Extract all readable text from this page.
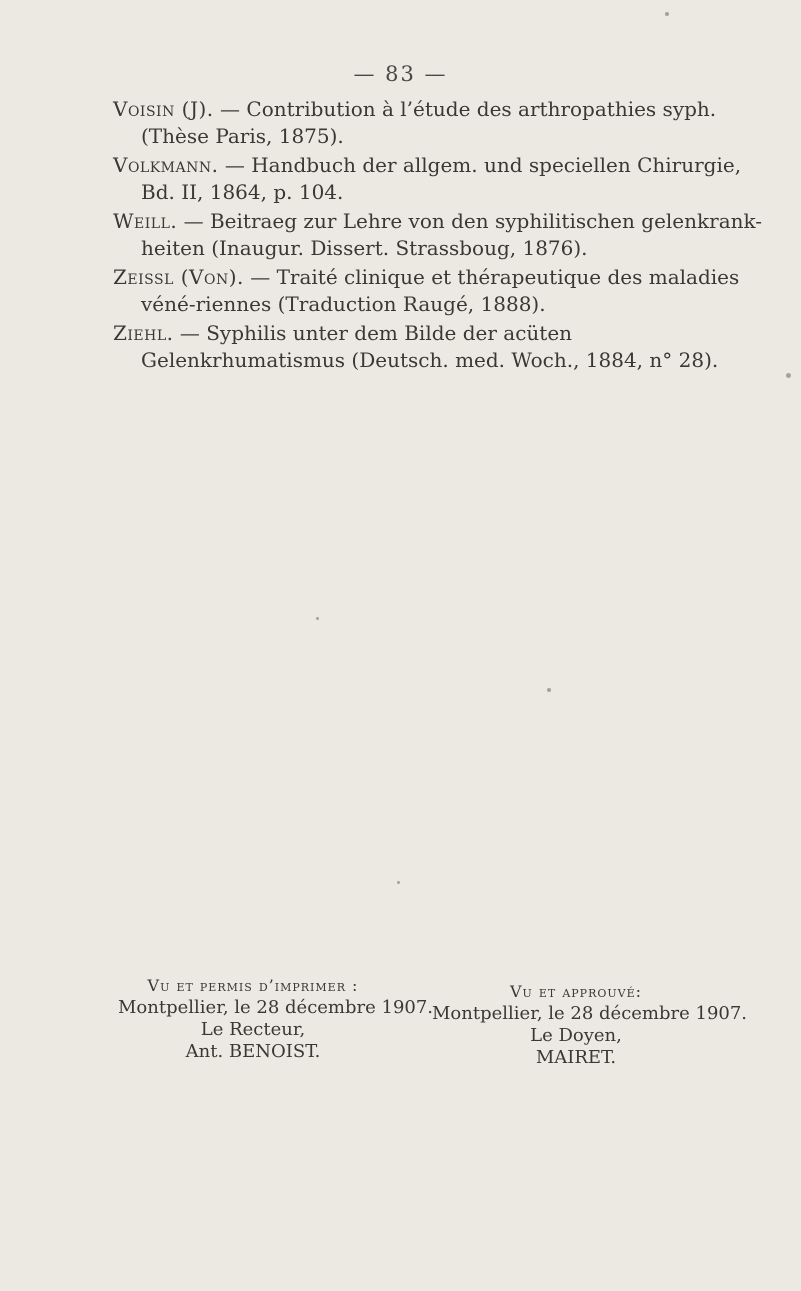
— 83 —

Voisin (J). — Contribution à l’étude des arthropathies syph. (Thèse Paris, 1875).

Volkmann. — Handbuch der allgem. und speciellen Chirurgie, Bd. II, 1864, p. 104.

Weill. — Beitraeg zur Lehre von den syphilitischen gelenkrank-heiten (Inaugur. Dissert. Strassboug, 1876).

Zeissl (Von). — Traité clinique et thérapeutique des maladies véné-riennes (Traduction Raugé, 1888).

Ziehl. — Syphilis unter dem Bilde der acüten Gelenkrhumatismus (Deutsch. med. Woch., 1884, n° 28).

Vu et permis d’imprimer :
Montpellier, le 28 décembre 1907.
Le Recteur,
Ant. BENOIST.
Vu et approuvé:
Montpellier, le 28 décembre 1907.
Le Doyen,
MAIRET.
